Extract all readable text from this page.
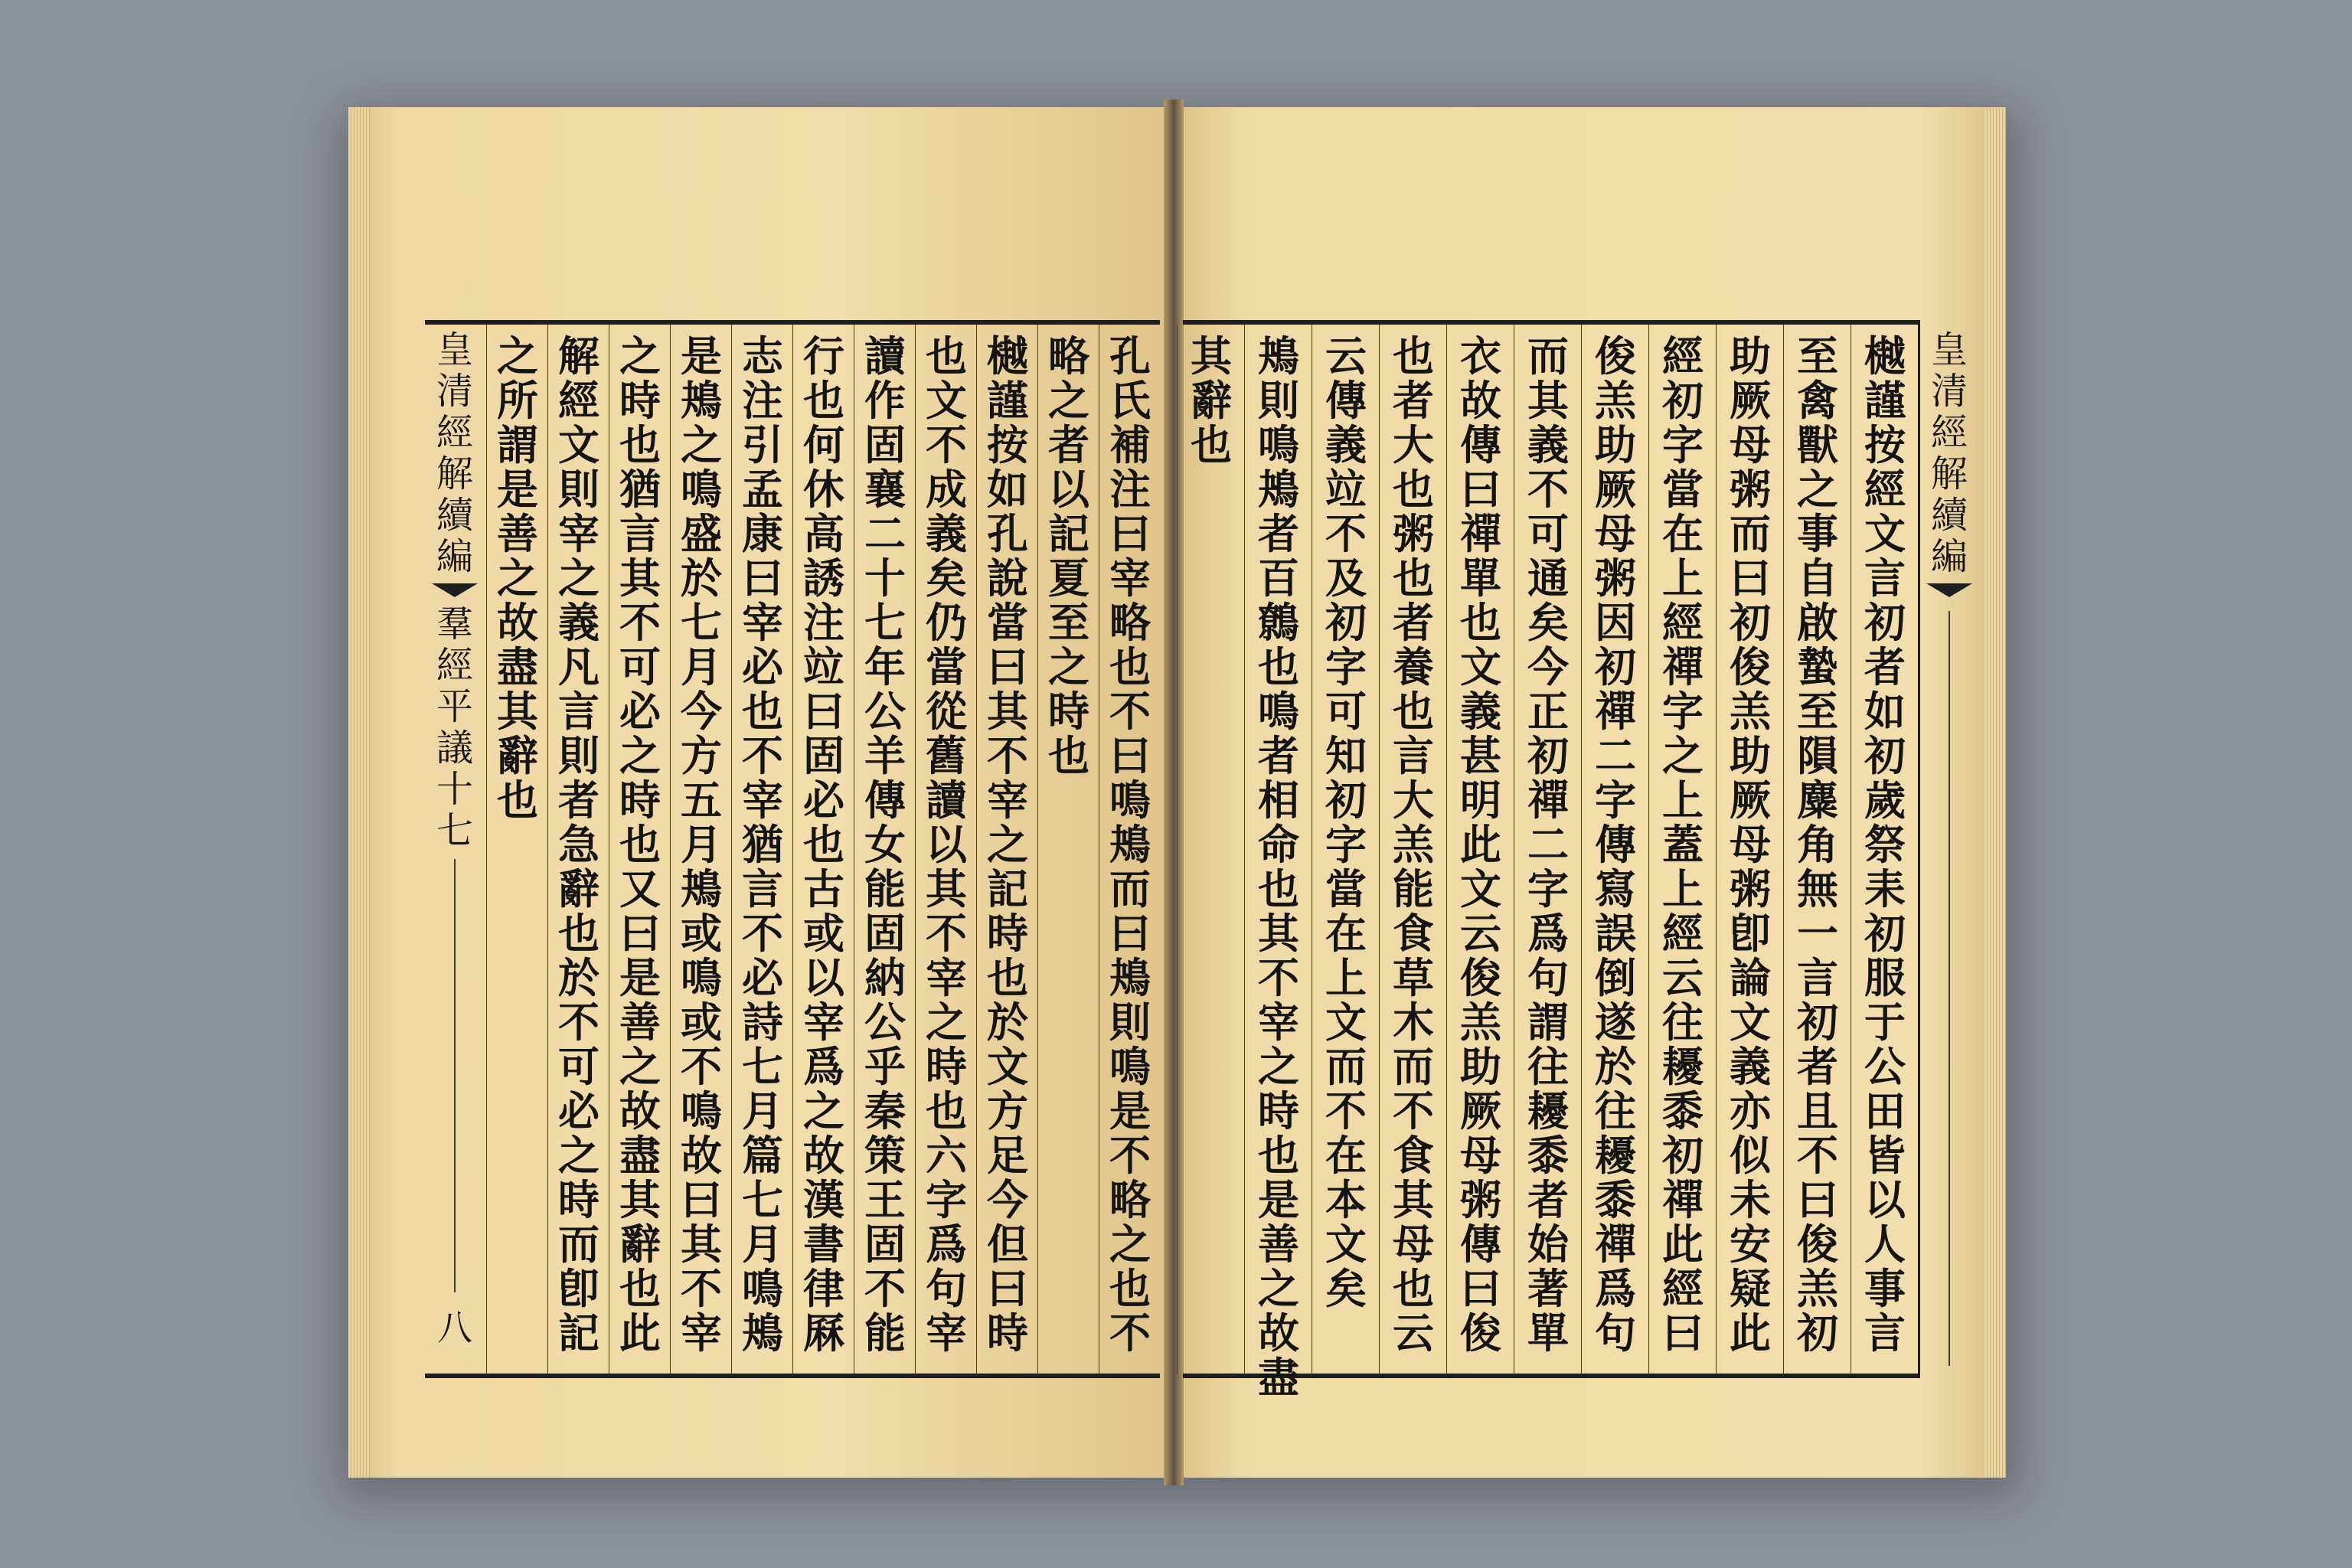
皇
清
經
解
續
編
羣
經
平
議
十
七
八
孔
氏
補
注
曰
宰
略
也
不
曰
鳴
鴂
而
曰
鴂
則
鳴
是
不
略
之
也
不
略
之
者
以
記
夏
至
之
時
也
樾
謹
按
如
孔
說
當
曰
其
不
宰
之
記
時
也
於
文
方
足
今
但
曰
時
也
文
不
成
義
矣
仍
當
從
舊
讀
以
其
不
宰
之
時
也
六
字
爲
句
宰
讀
作
固
襄
二
十
七
年
公
羊
傳
女
能
固
納
公
乎
秦
策
王
固
不
能
行
也
何
休
高
誘
注
竝
曰
固
必
也
古
或
以
宰
爲
之
故
漢
書
律
厤
志
注
引
孟
康
曰
宰
必
也
不
宰
猶
言
不
必
詩
七
月
篇
七
月
鳴
鴂
是
鴂
之
鳴
盛
於
七
月
今
方
五
月
鴂
或
鳴
或
不
鳴
故
曰
其
不
宰
之
時
也
猶
言
其
不
可
必
之
時
也
又
曰
是
善
之
故
盡
其
辭
也
此
解
經
文
則
宰
之
義
凡
言
則
者
急
辭
也
於
不
可
必
之
時
而
卽
記
之
所
謂
是
善
之
故
盡
其
辭
也
樾
謹
按
經
文
言
初
者
如
初
歲
祭
耒
初
服
于
公
田
皆
以
人
事
言
至
禽
獸
之
事
自
啟
蟄
至
隕
麋
角
無
一
言
初
者
且
不
曰
俊
羔
初
助
厥
母
粥
而
曰
初
俊
羔
助
厥
母
粥
卽
論
文
義
亦
似
未
安
疑
此
經
初
字
當
在
上
經
禪
字
之
上
蓋
上
經
云
往
耰
黍
初
禪
此
經
曰
俊
羔
助
厥
母
粥
因
初
禪
二
字
傳
寫
誤
倒
遂
於
往
耰
黍
禪
爲
句
而
其
義
不
可
通
矣
今
正
初
禪
二
字
爲
句
謂
往
耰
黍
者
始
著
單
衣
故
傳
曰
禪
單
也
文
義
甚
明
此
文
云
俊
羔
助
厥
母
粥
傳
曰
俊
也
者
大
也
粥
也
者
養
也
言
大
羔
能
食
草
木
而
不
食
其
母
也
云
云
傳
義
竝
不
及
初
字
可
知
初
字
當
在
上
文
而
不
在
本
文
矣
鴂
則
鳴
鴂
者
百
鷯
也
鳴
者
相
命
也
其
不
宰
之
時
也
是
善
之
故
盡
其
辭
也
皇
清
經
解
續
編
